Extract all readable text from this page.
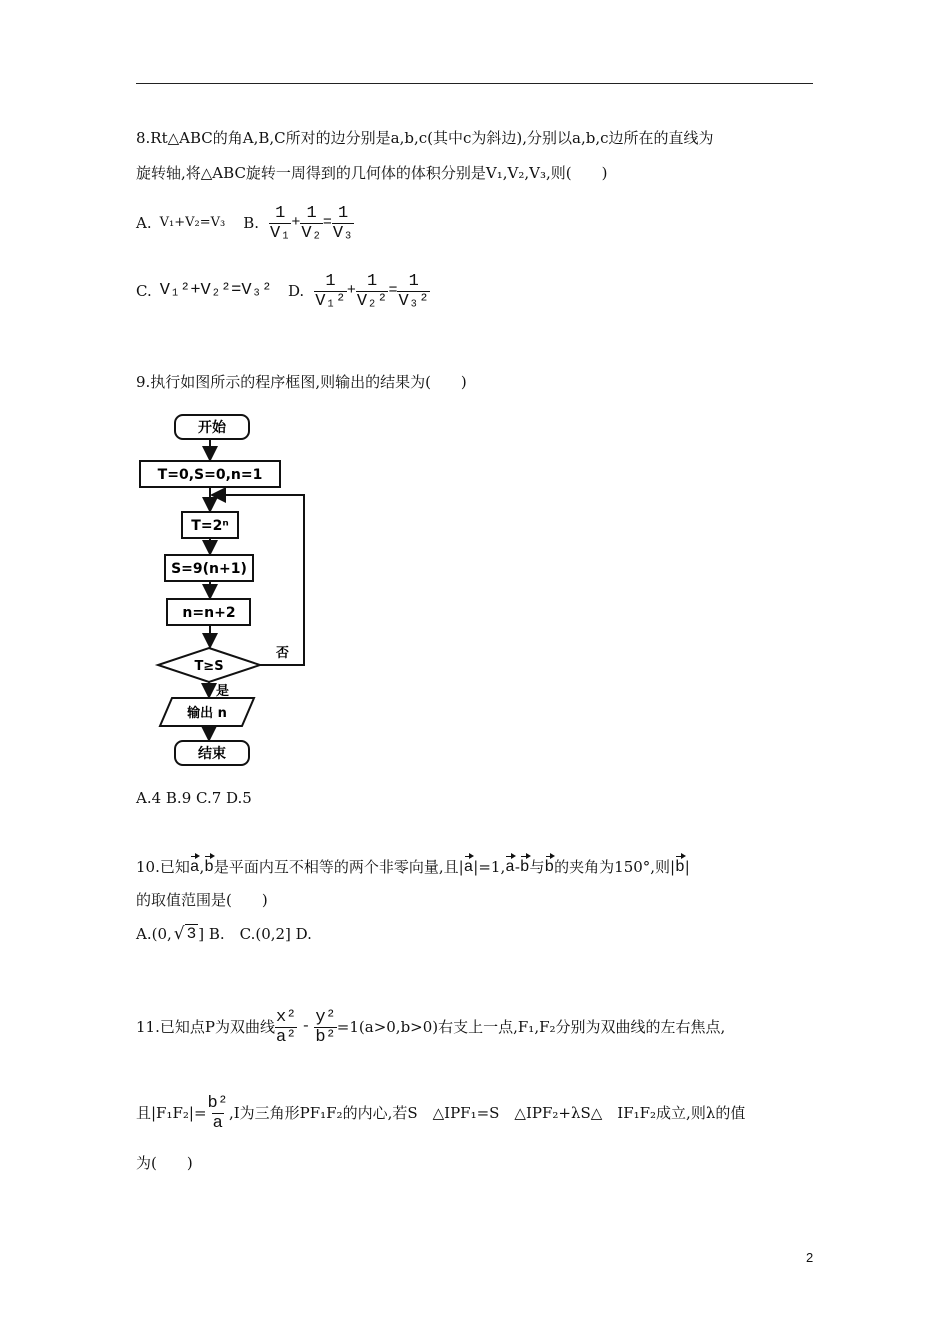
8.Rt△ABC的角A,B,C所对的边分别是a,b,c(其中c为斜边),分别以a,b,c边所在的直线为
旋转轴,将△ABC旋转一周得到的几何体的体积分别是V₁,V₂,V₃,则(　　)
A. V₁+V₂=V₃ B. $\frac{1}{\text{V₁}} + \frac{1}{\text{V₂}} = \frac{1}{\text{V₃}}$
C. V₁²+V₂²=V₃² D. $\frac{1}{\text{V₁²}} + \frac{1}{\text{V₂²}} = \frac{1}{\text{V₃²}}$
9.执行如图所示的程序框图,则输出的结果为(　　)
开始
T=0,S=0,n=1
T=2ⁿ
S=9(n+1)
n=n+2
T≥S
否
是
输出 n
结束
A.4 B.9 C.7 D.5
10.已知 a , b 是平面内互不相等的两个非零向量,且| a |=1, a - b 与 b 的夹角为150°,则| b |
的取值范围是(　　)
A.(0, √ 3 ] B.　C.(0,2] D.
11.已知点P为双曲线 $\frac{\text{x²}}{\text{a²}} - \frac{\text{y²}}{\text{b²}} =1(a>0,b>0)$右支上一点,F₁,F₂分别为双曲线的左右焦点,
且$|F_1F_2|= \frac{\text{b²}}{a} ,I$为三角形PF₁F₂的内心,若S　△IPF₁=S　△IPF₂+λS△　IF₁F₂成立,则λ的值
为(　　)
2
